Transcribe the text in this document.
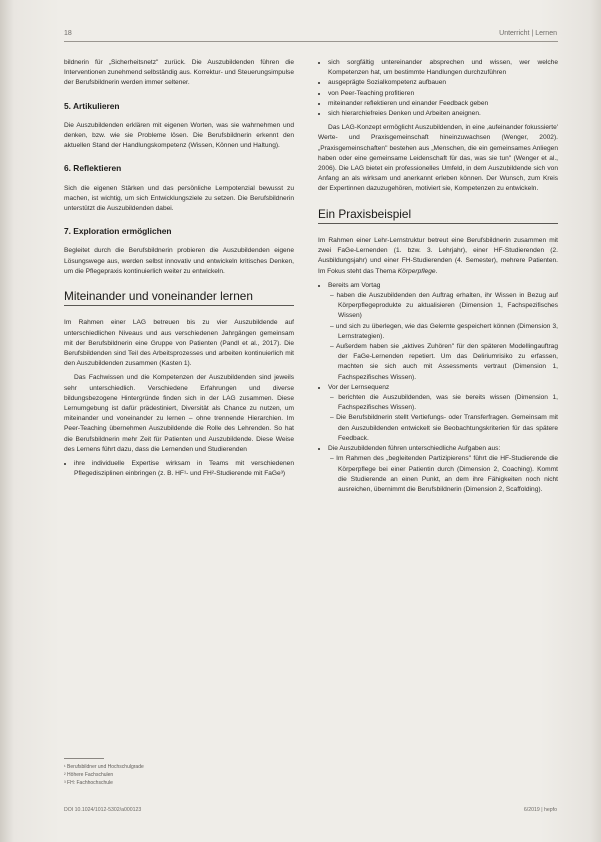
18	Unterricht | Lernen

bildnerin für „Sicherheitsnetz" zurück. Die Auszubildenden führen die Interventionen zunehmend selbständig aus. Korrektur- und Steuerungsimpulse der Berufsbildnerin werden immer seltener.

5. Artikulieren

Die Auszubildenden erklären mit eigenen Worten, was sie wahrnehmen und denken, bzw. wie sie Probleme lösen. Die Berufsbildnerin erkennt den aktuellen Stand der Handlungskompetenz (Wissen, Können und Haltung).

6. Reflektieren

Sich die eigenen Stärken und das persönliche Lernpotenzial bewusst zu machen, ist wichtig, um sich Entwicklungsziele zu setzen. Die Berufsbildnerin unterstützt die Auszubildenden dabei.

7. Exploration ermöglichen

Begleitet durch die Berufsbildnerin probieren die Auszubildenden eigene Lösungswege aus, werden selbst innovativ und entwickeln kritisches Denken, um die Pflegepraxis kontinuierlich weiter zu entwickeln.

Miteinander und voneinander lernen

Im Rahmen einer LAG betreuen bis zu vier Auszubildende auf unterschiedlichen Niveaus und aus verschiedenen Jahrgängen gemeinsam mit der Berufsbildnerin eine Gruppe von Patienten (Pandl et al., 2017). Die Berufsbildenden sind Teil des Arbeitsprozesses und arbeiten kontinuierlich mit den Auszubildenden zusammen (Kasten 1).

Das Fachwissen und die Kompetenzen der Auszubildenden sind jeweils sehr unterschiedlich. Verschiedene Erfahrungen und diverse bildungsbezogene Hintergründe finden sich in der LAG zusammen. Diese Lernumgebung ist dafür prädestiniert, Diversität als Chance zu nutzen, um miteinander und voneinander zu lernen – ohne trennende Hierarchien. Im Peer-Teaching übernehmen Auszubildende die Rolle des Lehrenden. So hat die Berufsbildnerin mehr Zeit für Patienten und Auszubildende. Diese Weise des Lernens führt dazu, dass die Lernenden und Studierenden

• ihre individuelle Expertise wirksam in Teams mit verschiedenen Pflegedisziplinen einbringen (z. B. HF¹- und FH²-Studierende mit FaGe³)
¹ Berufsbildner und Hochschulgrade
² Höhere Fachschulen
³ FH: Fachhochschule
• sich sorgfältig untereinander absprechen und wissen, wer welche Kompetenzen hat, um bestimmte Handlungen durchzuführen
• ausgeprägte Sozialkompetenz aufbauen
• von Peer-Teaching profitieren
• miteinander reflektieren und einander Feedback geben
• sich hierarchiefreies Denken und Arbeiten aneignen.

Das LAG-Konzept ermöglicht Auszubildenden, in eine ‚aufeinander fokussierte' Werte- und Praxisgemeinschaft hineinzuwachsen (Wenger, 2002). „Praxisgemeinschaften" bestehen aus „Menschen, die ein gemeinsames Anliegen haben oder eine gemeinsame Leidenschaft für das, was sie tun" (Wenger et al., 2006). Die LAG bietet ein professionelles Umfeld, in dem Auszubildende sich von Anfang an als wirksam und anerkannt erleben können. Der Wunsch, zum Kreis der Expertinnen dazuzugehören, motiviert sie, Kompetenzen zu entwickeln.

Ein Praxisbeispiel

Im Rahmen einer Lehr-Lernstruktur betreut eine Berufsbildnerin zusammen mit zwei FaGe-Lernenden (1. bzw. 3. Lehrjahr), einer HF-Studierenden (2. Ausbildungsjahr) und einer FH-Studierenden (4. Semester), mehrere Patienten. Im Fokus steht das Thema Körperpflege.

• Bereits am Vortag
– haben die Auszubildenden den Auftrag erhalten, ihr Wissen in Bezug auf Körperpflegeprodukte zu aktualisieren (Dimension 1, Fachspezifisches Wissen)
– und sich zu überlegen, wie das Gelernte gespeichert können (Dimension 3, Lernstrategien).
– Außerdem haben sie „aktives Zuhören" für den späteren Modellingauftrag der FaGe-Lernenden repetiert. Um das Deliriumrisiko zu erfassen, machten sie sich auch mit Assessments vertraut (Dimension 1, Fachspezifisches Wissen).
• Vor der Lernsequenz
– berichten die Auszubildenden, was sie bereits wissen (Dimension 1, Fachspezifisches Wissen).
– Die Berufsbildnerin stellt Vertiefungs- oder Transferfragen. Gemeinsam mit den Auszubildenden entwickelt sie Beobachtungskriterien für das spätere Feedback.
• Die Auszubildenden führen unterschiedliche Aufgaben aus:
– Im Rahmen des „begleitenden Partizipierens" führt die HF-Studierende die Körperpflege bei einer Patientin durch (Dimension 2, Coaching). Kommt die Studierende an einen Punkt, an dem ihre Fähigkeiten noch nicht ausreichen, übernimmt die Berufsbildnerin (Dimension 2, Scaffolding).
DOI 10.1024/1012-5302/a000123	6/2019 | hepfo
